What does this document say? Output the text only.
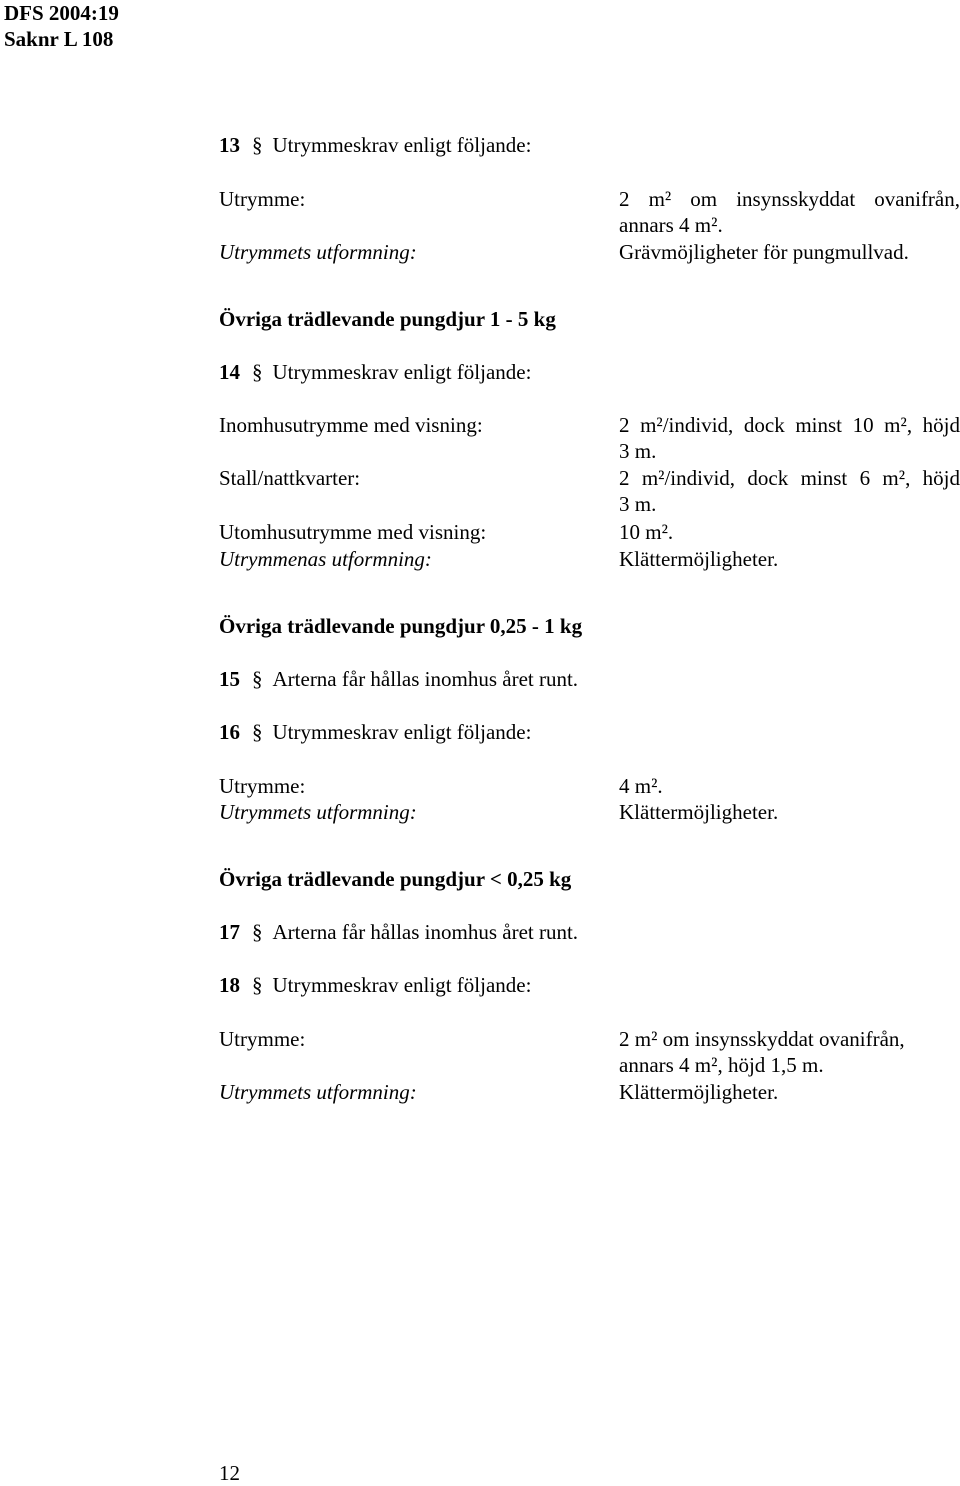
DFS 2004:19
Saknr L 108
13 § Utrymmeskrav enligt följande:
Utrymme:	2 m² om insynsskyddat ovanifrån,
annars 4 m².
Utrymmets utformning:	Grävmöjligheter för pungmullvad.
Övriga trädlevande pungdjur 1 - 5 kg
14 § Utrymmeskrav enligt följande:
Inomhusutrymme med visning:	2 m²/individ, dock minst 10 m², höjd
3 m.
Stall/nattkvarter:	2 m²/individ, dock minst 6 m², höjd
3 m.
Utomhusutrymme med visning:	10 m².
Utrymmenas utformning:	Klättermöjligheter.
Övriga trädlevande pungdjur 0,25 - 1 kg
15 § Arterna får hållas inomhus året runt.
16 § Utrymmeskrav enligt följande:
Utrymme:	4 m².
Utrymmets utformning:	Klättermöjligheter.
Övriga trädlevande pungdjur < 0,25 kg
17 § Arterna får hållas inomhus året runt.
18 § Utrymmeskrav enligt följande:
Utrymme:	2 m² om insynsskyddat ovanifrån,
annars 4 m², höjd 1,5 m.
Utrymmets utformning:	Klättermöjligheter.
12
